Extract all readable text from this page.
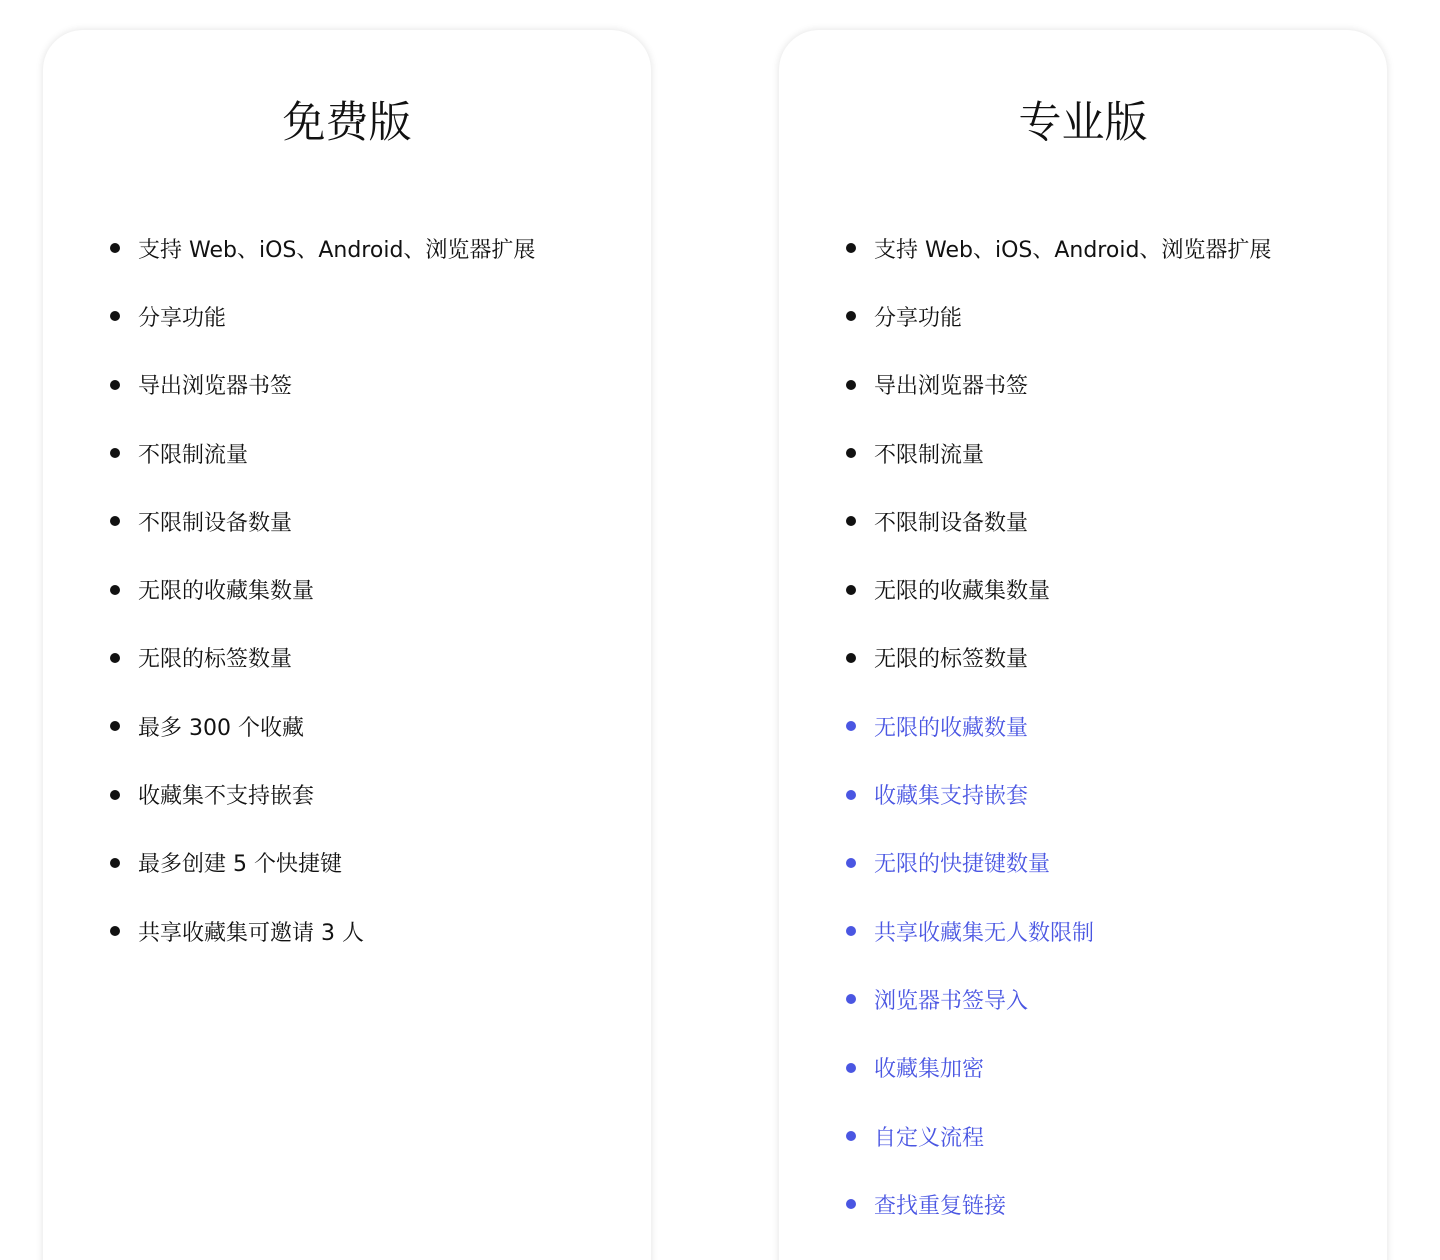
免费版
支持 Web、iOS、Android、浏览器扩展
分享功能
导出浏览器书签
不限制流量
不限制设备数量
无限的收藏集数量
无限的标签数量
最多 300 个收藏
收藏集不支持嵌套
最多创建 5 个快捷键
共享收藏集可邀请 3 人
专业版
支持 Web、iOS、Android、浏览器扩展
分享功能
导出浏览器书签
不限制流量
不限制设备数量
无限的收藏集数量
无限的标签数量
无限的收藏数量
收藏集支持嵌套
无限的快捷键数量
共享收藏集无人数限制
浏览器书签导入
收藏集加密
自定义流程
查找重复链接
